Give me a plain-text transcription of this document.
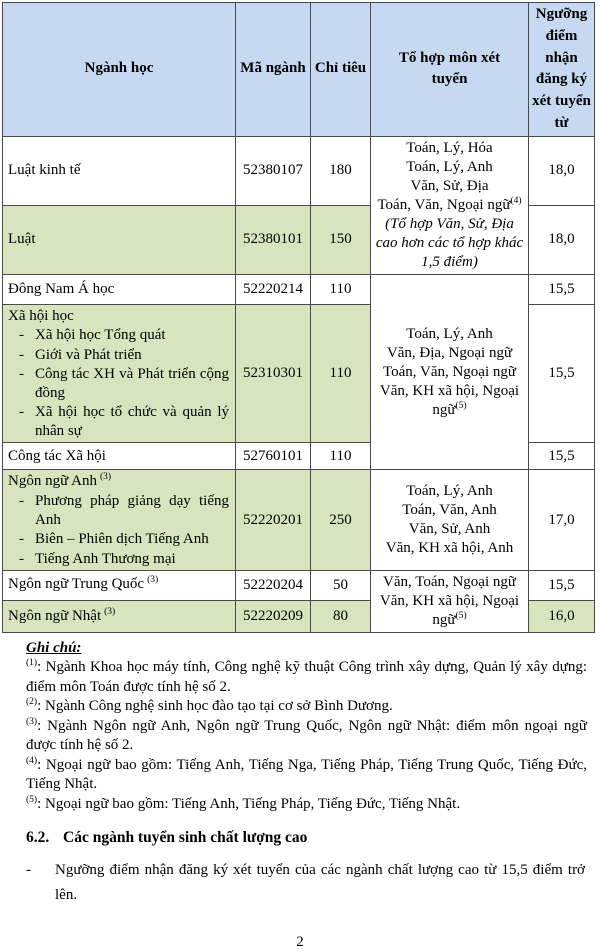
Ngành học	Mã ngành	Chỉ tiêu	Tổ hợp môn xét tuyển	Ngưỡng điểm nhận đăng ký xét tuyển từ

Luật kinh tế	52380107	180	Toán, Lý, Hóa
Toán, Lý, Anh
Văn, Sử, Địa
Toán, Văn, Ngoại ngữ$^{(4)}$
(Tổ hợp Văn, Sử, Địa cao hơn các tổ hợp khác 1,5 điểm)	18,0
Luật	52380101	150		18,0
Đông Nam Á học	52220214	110	Toán, Lý, Anh
Văn, Địa, Ngoại ngữ
Toán, Văn, Ngoại ngữ
Văn, KH xã hội, Ngoại ngữ$^{(5)}$	15,5

Xã hội học
- Xã hội học Tổng quát
- Giới và Phát triển
- Công tác XH và Phát triển cộng đồng
- Xã hội học tổ chức và quản lý nhân sự
	52310301	110	15,5
Công tác Xã hội	52760101	110		15,5

Ngôn ngữ Anh $^{(3)}$
- Phương pháp giảng dạy tiếng Anh
- Biên – Phiên dịch Tiếng Anh
- Tiếng Anh Thương mại
	52220201	250	
Toán, Lý, Anh
Toán, Văn, Anh
Văn, Sử, Anh
Văn, KH xã hội, Anh
	17,0
Ngôn ngữ Trung Quốc $^{(3)}$	52220204	50	Văn, Toán, Ngoại ngữ
Văn, KH xã hội, Ngoại ngữ$^{(5)}$	15,5
Ngôn ngữ Nhật $^{(3)}$	52220209	80		16,0
Ghi chú:
$^{(1)}$: Ngành Khoa học máy tính, Công nghệ kỹ thuật Công trình xây dựng, Quản lý xây dựng: điểm môn Toán được tính hệ số 2.
$^{(2)}$: Ngành Công nghệ sinh học đào tạo tại cơ sở Bình Dương.
$^{(3)}$: Ngành Ngôn ngữ Anh, Ngôn ngữ Trung Quốc, Ngôn ngữ Nhật: điểm môn ngoại ngữ được tính hệ số 2.
$^{(4)}$: Ngoại ngữ bao gồm: Tiếng Anh, Tiếng Nga, Tiếng Pháp, Tiếng Trung Quốc, Tiếng Đức, Tiếng Nhật.
$^{(5)}$: Ngoại ngữ bao gồm: Tiếng Anh, Tiếng Pháp, Tiếng Đức, Tiếng Nhật.
6.2. Các ngành tuyển sinh chất lượng cao
-	Ngưỡng điểm nhận đăng ký xét tuyển của các ngành chất lượng cao từ 15,5 điểm trở lên.
2
